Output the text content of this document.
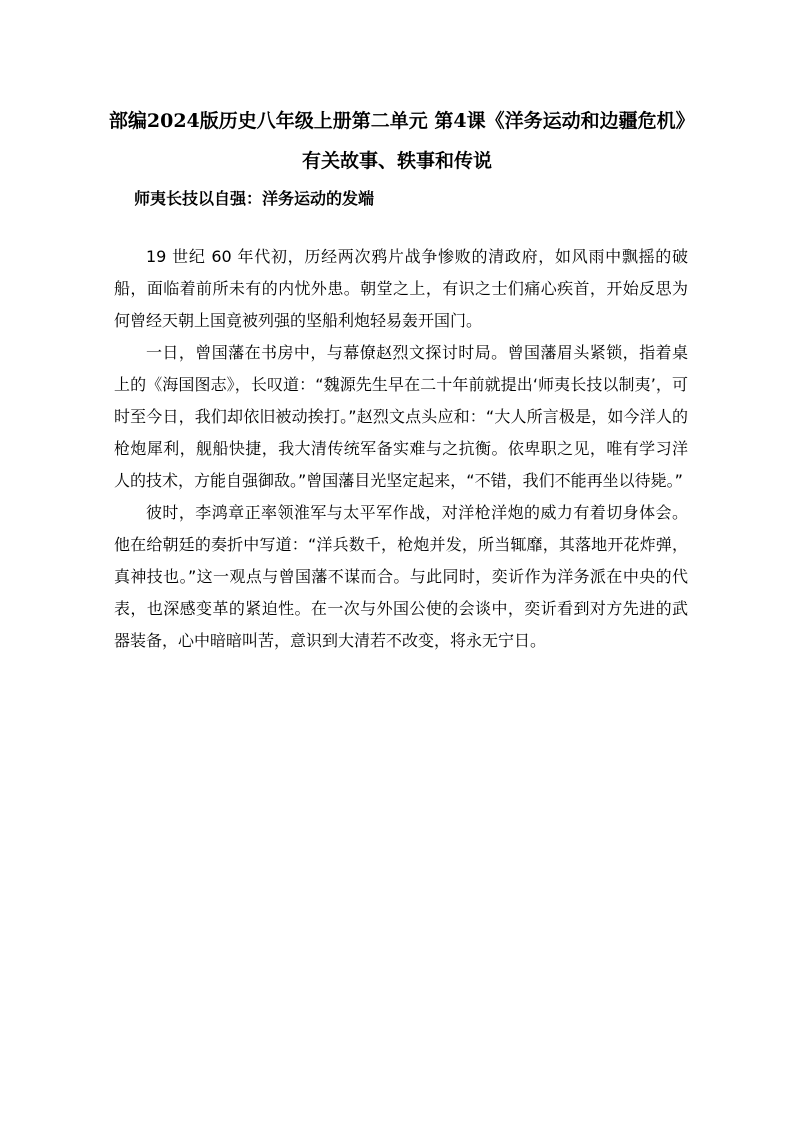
部编2024版历史八年级上册第二单元 第4课《洋务运动和边疆危机》有关故事、轶事和传说
师夷长技以自强：洋务运动的发端

19 世纪 60 年代初，历经两次鸦片战争惨败的清政府，如风雨中飘摇的破船，面临着前所未有的内忧外患。朝堂之上，有识之士们痛心疾首，开始反思为何曾经天朝上国竟被列强的坚船利炮轻易轰开国门。

一日，曾国藩在书房中，与幕僚赵烈文探讨时局。曾国藩眉头紧锁，指着桌上的《海国图志》，长叹道：“魏源先生早在二十年前就提出‘师夷长技以制夷’，可时至今日，我们却依旧被动挨打。”赵烈文点头应和：“大人所言极是，如今洋人的枪炮犀利，舰船快捷，我大清传统军备实难与之抗衡。依卑职之见，唯有学习洋人的技术，方能自强御敌。”曾国藩目光坚定起来，“不错，我们不能再坐以待毙。”

彼时，李鸿章正率领淮军与太平军作战，对洋枪洋炮的威力有着切身体会。他在给朝廷的奏折中写道：“洋兵数千，枪炮并发，所当辄靡，其落地开花炸弹，真神技也。”这一观点与曾国藩不谋而合。与此同时，奕䜣作为洋务派在中央的代表，也深感变革的紧迫性。在一次与外国公使的会谈中，奕䜣看到对方先进的武器装备，心中暗暗叫苦，意识到大清若不改变，将永无宁日。
